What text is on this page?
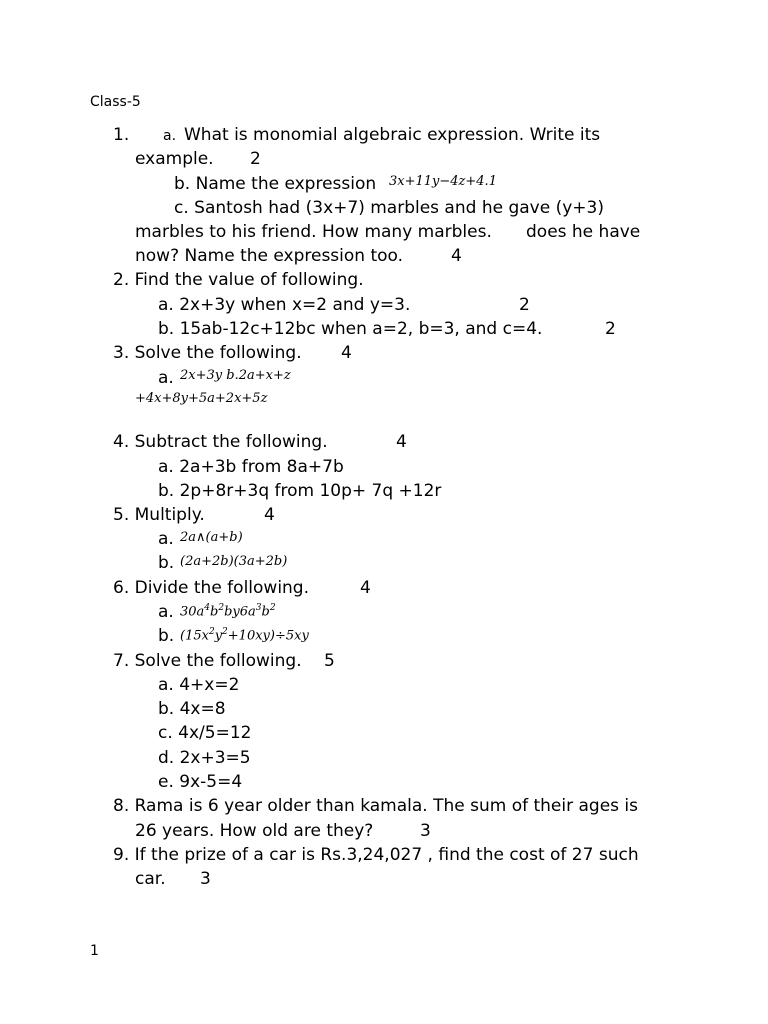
Class-5
1. a. What is monomial algebraic expression. Write its
example. 2
b. Name the expression 3x+11y−4z+4.1
c. Santosh had (3x+7) marbles and he gave (y+3)
marbles to his friend. How many marbles. does he have
now? Name the expression too.	4
2. Find the value of following.
a. 2x+3y when x=2 and y=3.	2
b. 15ab-12c+12bc when a=2, b=3, and c=4.	2
3. Solve the following. 4
a. 2x+3y b.2a+x+z
+4x+8y+5a+2x+5z
4. Subtract the following.	4
a. 2a+3b from 8a+7b
b. 2p+8r+3q from 10p+ 7q +12r
5. Multiply.	4
a. 2a∧(a+b)
b. (2a+2b)(3a+2b)
6. Divide the following.	4
a. $30a^4b^2by6a^3b^2$
b. $(15x^2y^2+10xy)\div 5xy$
7. Solve the following. 5
a. 4+x=2
b. 4x=8
c. 4x/5=12
d. 2x+3=5
e. 9x-5=4
8. Rama is 6 year older than kamala. The sum of their ages is
26 years. How old are they?	3
9. If the prize of a car is Rs.3,24,027 , find the cost of 27 such
car. 3
1
